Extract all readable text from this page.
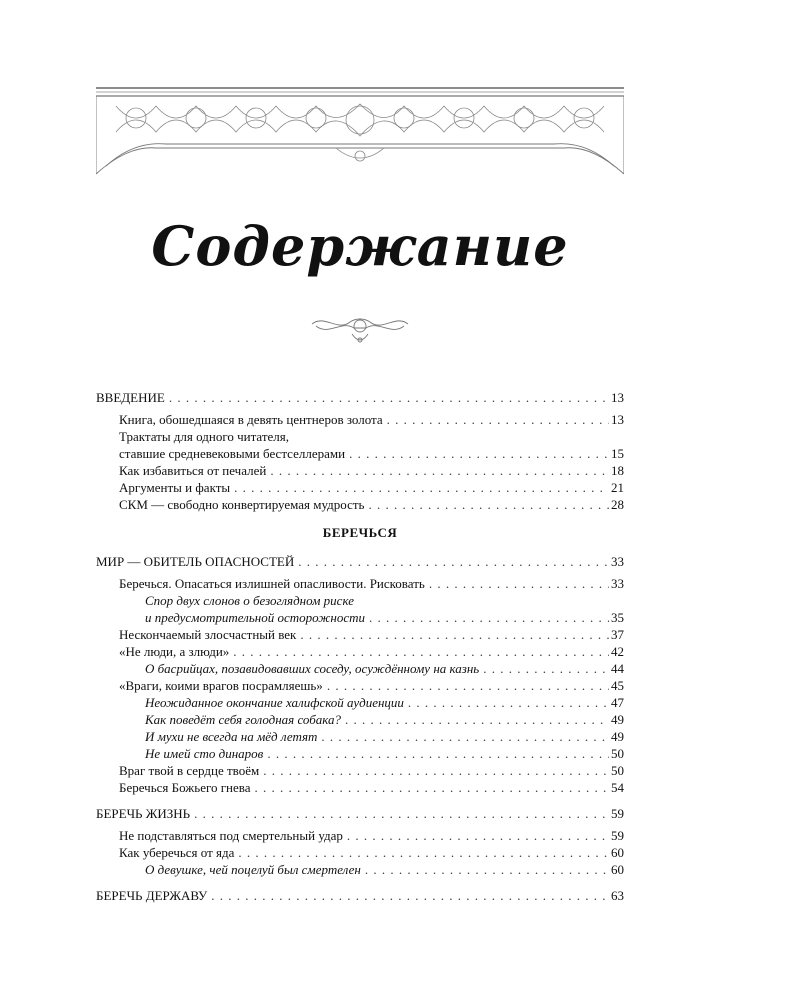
Содержание
ВВЕДЕНИЕ . . .	13
Книга, обошедшаяся в девять центнеров золота . . .	13
Трактаты для одного читателя,
ставшие средневековыми бестселлерами . . .	15
Как избавиться от печалей . . .	18
Аргументы и факты . . .	21
СКМ — свободно конвертируемая мудрость . . .	28
БЕРЕЧЬСЯ
МИР — ОБИТЕЛЬ ОПАСНОСТЕЙ . . .	33
Беречься. Опасаться излишней опасливости. Рисковать . . .	33
Спор двух слонов о безоглядном риске
и предусмотрительной осторожности . . .	35
Нескончаемый злосчастный век . . .	37
«Не люди, а злюди» . . .	42
О басрийцах, позавидовавших соседу, осуждённому на казнь . . .	44
«Враги, коими врагов посрамляешь» . . .	45
Неожиданное окончание халифской аудиенции . . .	47
Как поведёт себя голодная собака? . . .	49
И мухи не всегда на мёд летят . . .	49
Не имей сто динаров . . .	50
Враг твой в сердце твоём . . .	50
Беречься Божьего гнева . . .	54
БЕРЕЧЬ ЖИЗНЬ . . .	59
Не подставляться под смертельный удар . . .	59
Как уберечься от яда . . .	60
О девушке, чей поцелуй был смертелен . . .	60
БЕРЕЧЬ ДЕРЖАВУ . . .	63
